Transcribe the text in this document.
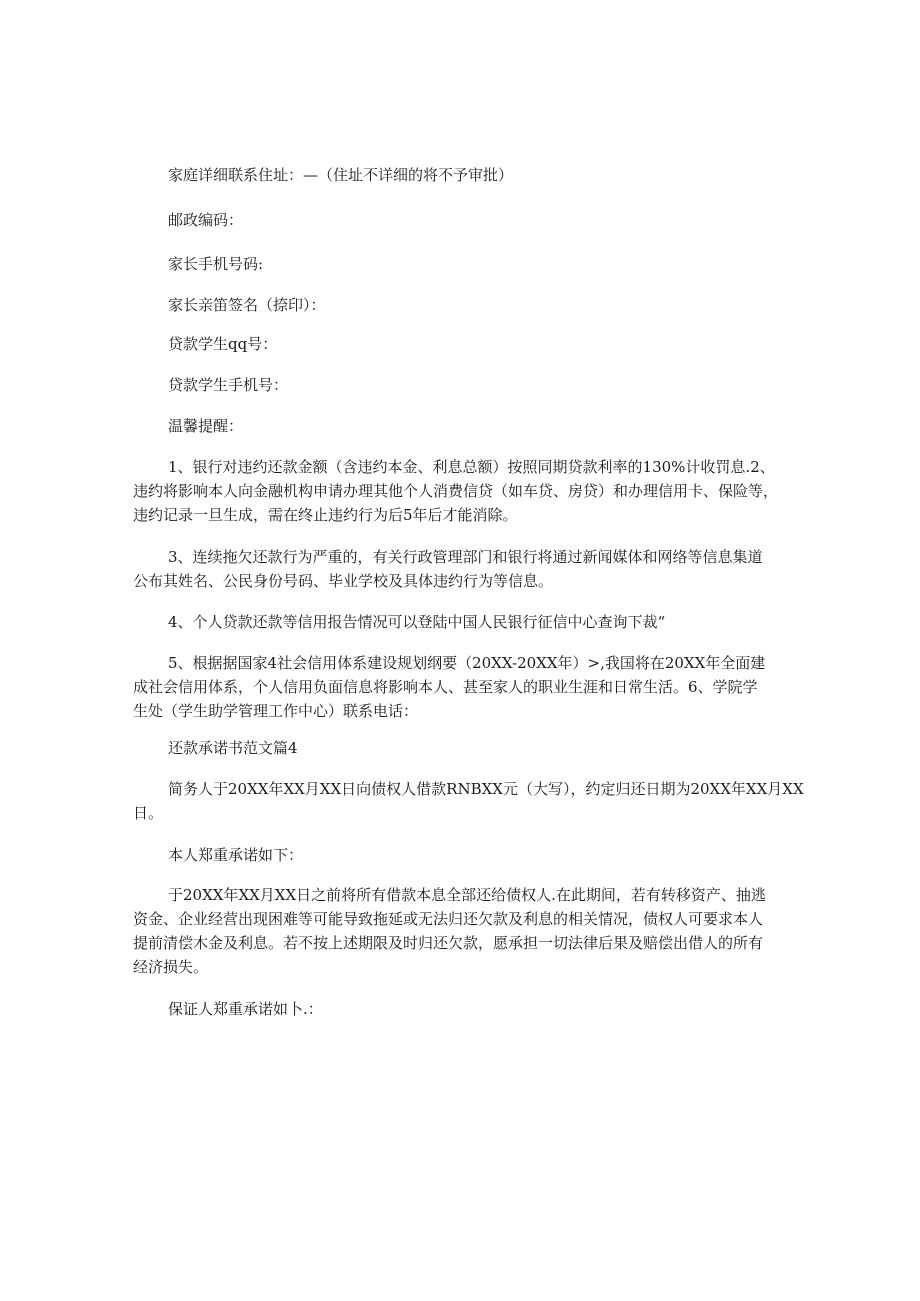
家庭详细联系住址：—（住址不详细的将不予审批）

邮政编码：

家长手机号码:

家长亲笛签名（捺印）：

贷款学生qq号：

贷款学生手机号：

温馨提醒：

1、银行对违约还款金额（含违约本金、利息总额）按照同期贷款利率的130%计收罚息.2、

违约将影响本人向金融机构申请办理其他个人消费信贷（如车贷、房贷）和办理信用卡、保险等，

违约记录一旦生成，需在终止违约行为后5年后才能消除。

3、连续拖欠还款行为严重的，有关行政管理部门和银行将通过新闻媒体和网络等信息集道

公布其姓名、公民身份号码、毕业学校及具体违约行为等信息。

4、个人贷款还款等信用报告情况可以登陆中国人民银行征信中心查询下裁“

5、根据据国家4社会信用体系建设规划纲要（20XX-20XX年）>,我国将在20XX年全面建

成社会信用体系，个人信用负面信息将影响本人、甚至家人的职业生涯和日常生活。6、学院学

生处（学生助学管理工作中心）联系电话：

还款承诺书范文篇4

简务人于20XX年XX月XX日向债权人借款RNBXX元（大写），约定归还日期为20XX年XX月XX

日。

本人郑重承诺如下：

于20XX年XX月XX日之前将所有借款本息全部还给债权人.在此期间，若有转移资产、抽逃

资金、企业经营出现困难等可能导致拖延或无法归还欠款及利息的相关情况，债权人可要求本人

提前清偿木金及利息。若不按上述期限及时归还欠款，愿承担一切法律后果及赔偿出借人的所有

经济损失。

保证人郑重承诺如卜.：
